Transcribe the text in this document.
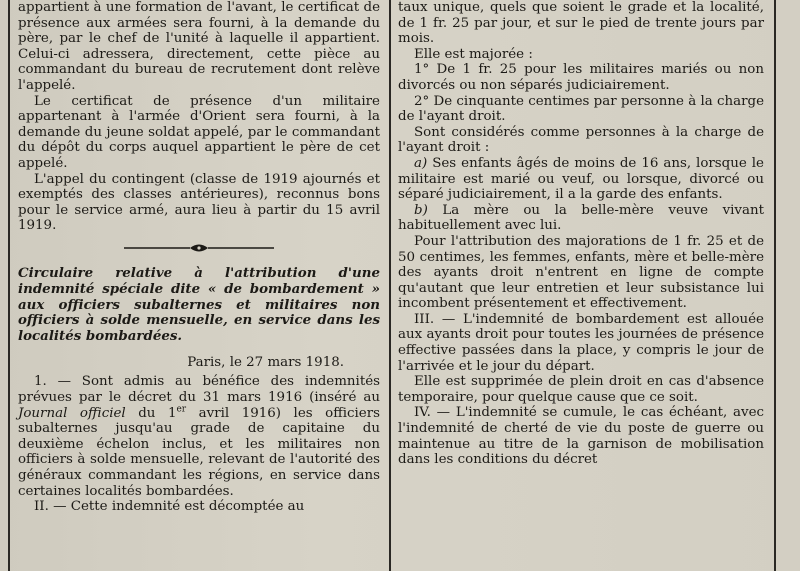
appartient à une formation de l'avant, le certificat de présence aux armées sera fourni, à la demande du père, par le chef de l'unité à laquelle il appartient. Celui-ci adressera, directement, cette pièce au commandant du bureau de recrutement dont relève l'appelé.

Le certificat de présence d'un militaire appartenant à l'armée d'Orient sera fourni, à la demande du jeune soldat appelé, par le commandant du dépôt du corps auquel appartient le père de cet appelé.

L'appel du contingent (classe de 1919 ajournés et exemptés des classes antérieures), reconnus bons pour le service armé, aura lieu à partir du 15 avril 1919.

Circulaire relative à l'attribution d'une indemnité spéciale dite « de bombardement » aux officiers subalternes et militaires non officiers à solde mensuelle, en service dans les localités bombardées.

Paris, le 27 mars 1918.

1. — Sont admis au bénéfice des indemnités prévues par le décret du 31 mars 1916 (inséré au Journal officiel du 1er avril 1916) les officiers subalternes jusqu'au grade de capitaine du deuxième échelon inclus, et les militaires non officiers à solde mensuelle, relevant de l'autorité des généraux commandant les régions, en service dans certaines localités bombardées.

II. — Cette indemnité est décomptée au

taux unique, quels que soient le grade et la localité, de 1 fr. 25 par jour, et sur le pied de trente jours par mois.

Elle est majorée :

1° De 1 fr. 25 pour les militaires mariés ou non divorcés ou non séparés judiciairement.

2° De cinquante centimes par personne à la charge de l'ayant droit.

Sont considérés comme personnes à la charge de l'ayant droit :

a) Ses enfants âgés de moins de 16 ans, lorsque le militaire est marié ou veuf, ou lorsque, divorcé ou séparé judiciairement, il a la garde des enfants.

b) La mère ou la belle-mère veuve vivant habituellement avec lui.

Pour l'attribution des majorations de 1 fr. 25 et de 50 centimes, les femmes, enfants, mère et belle-mère des ayants droit n'entrent en ligne de compte qu'autant que leur entretien et leur subsistance lui incombent présentement et effectivement.

III. — L'indemnité de bombardement est allouée aux ayants droit pour toutes les journées de présence effective passées dans la place, y compris le jour de l'arrivée et le jour du départ.

Elle est supprimée de plein droit en cas d'absence temporaire, pour quelque cause que ce soit.

IV. — L'indemnité se cumule, le cas échéant, avec l'indemnité de cherté de vie du poste de guerre ou maintenue au titre de la garnison de mobilisation dans les conditions du décret
